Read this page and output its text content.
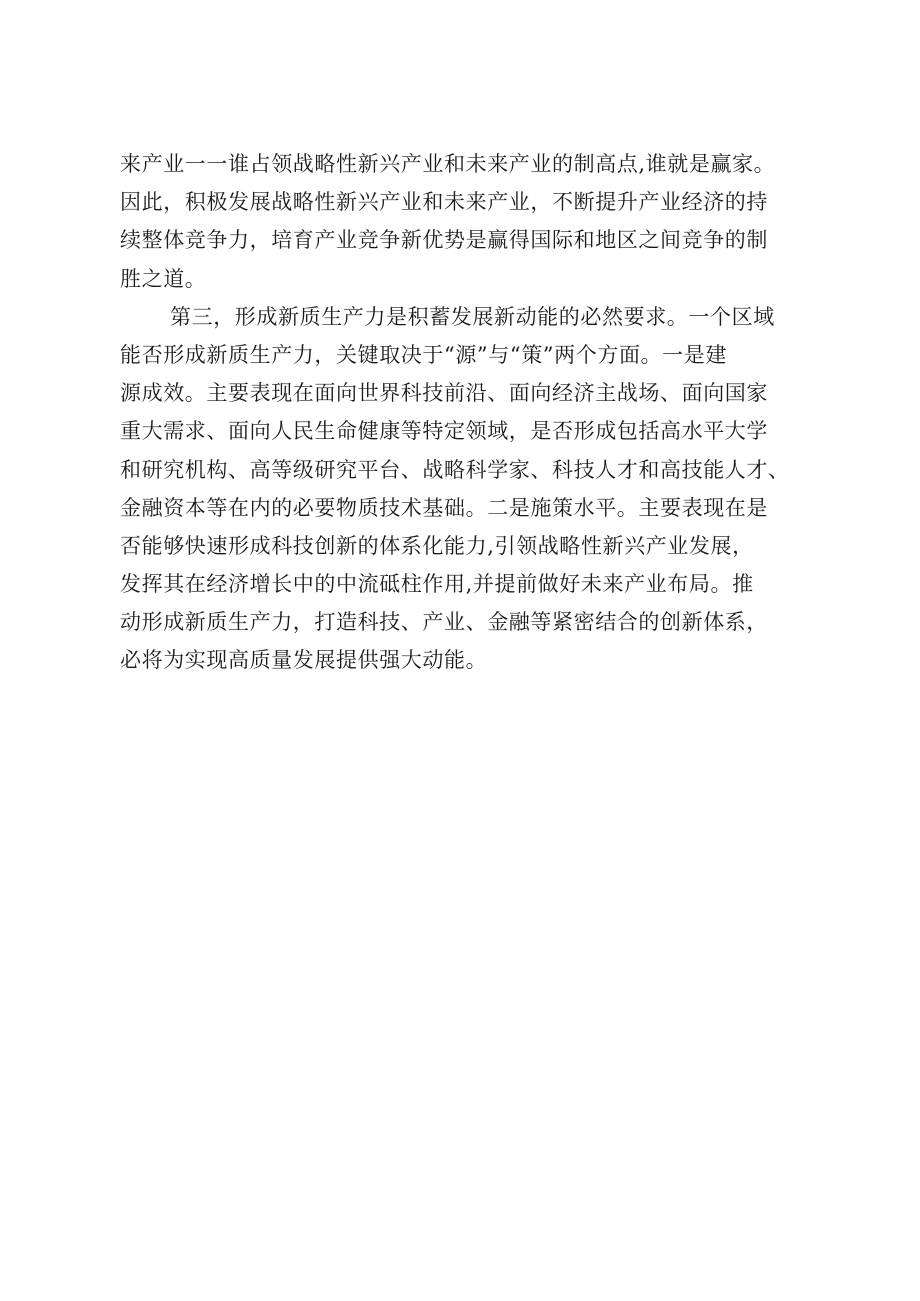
来产业一一谁占领战略性新兴产业和未来产业的制高点,谁就是赢家。
因此，积极发展战略性新兴产业和未来产业，不断提升产业经济的持
续整体竞争力，培育产业竞争新优势是赢得国际和地区之间竞争的制
胜之道。
第三，形成新质生产力是积蓄发展新动能的必然要求。一个区域
能否形成新质生产力，关键取决于“源”与“策”两个方面。一是建
源成效。主要表现在面向世界科技前沿、面向经济主战场、面向国家
重大需求、面向人民生命健康等特定领域，是否形成包括高水平大学
和研究机构、高等级研究平台、战略科学家、科技人才和高技能人才、
金融资本等在内的必要物质技术基础。二是施策水平。主要表现在是
否能够快速形成科技创新的体系化能力,引领战略性新兴产业发展，
发挥其在经济增长中的中流砥柱作用,并提前做好未来产业布局。推
动形成新质生产力，打造科技、产业、金融等紧密结合的创新体系，
必将为实现高质量发展提供强大动能。
